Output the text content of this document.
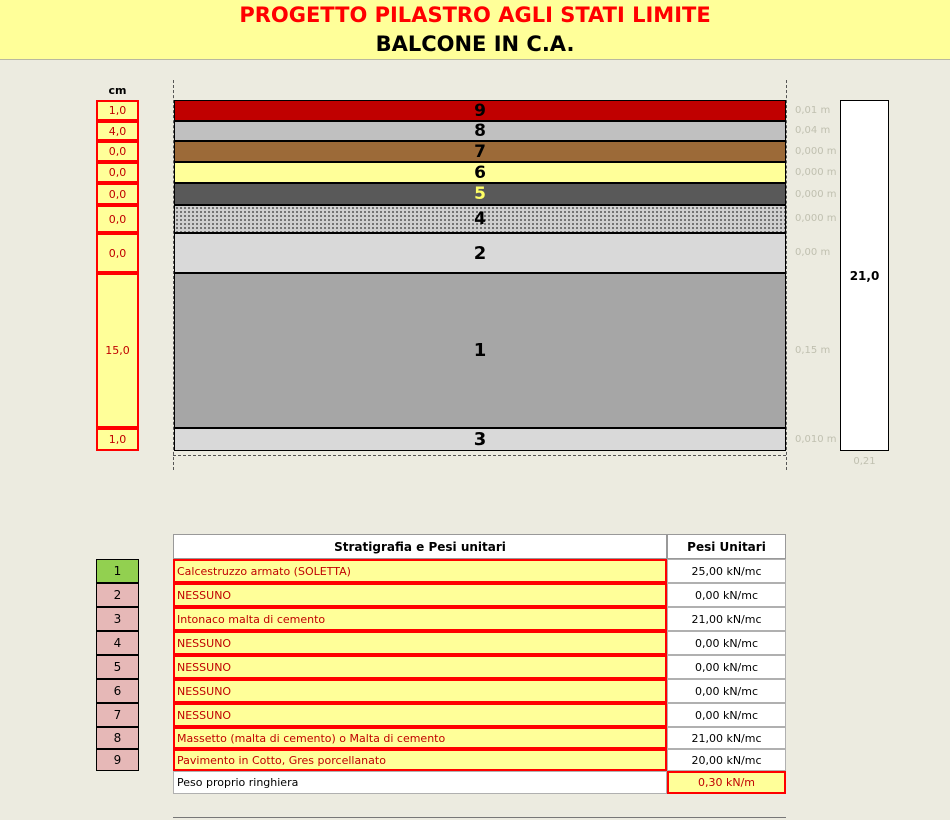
PROGETTO PILASTRO AGLI STATI LIMITE
BALCONE IN C.A.
cm
1,0
4,0
0,0
0,0
0,0
0,0
0,0
15,0
1,0
9
8
7
6
5
4
2
1
3
0,01 m
0,04 m
0,000 m
0,000 m
0,000 m
0,000 m
0,00 m
0,15 m
0,010 m
21,0
0,21
Stratigrafia e Pesi unitari	Pesi Unitari
1	Calcestruzzo armato (SOLETTA)	25,00 kN/mc
2	NESSUNO	0,00 kN/mc
3	Intonaco malta di cemento	21,00 kN/mc
4	NESSUNO	0,00 kN/mc
5	NESSUNO	0,00 kN/mc
6	NESSUNO	0,00 kN/mc
7	NESSUNO	0,00 kN/mc
8	Massetto (malta di cemento) o Malta di cemento	21,00 kN/mc
9	Pavimento in Cotto, Gres porcellanato	20,00 kN/mc
Peso proprio ringhiera	0,30 kN/m
